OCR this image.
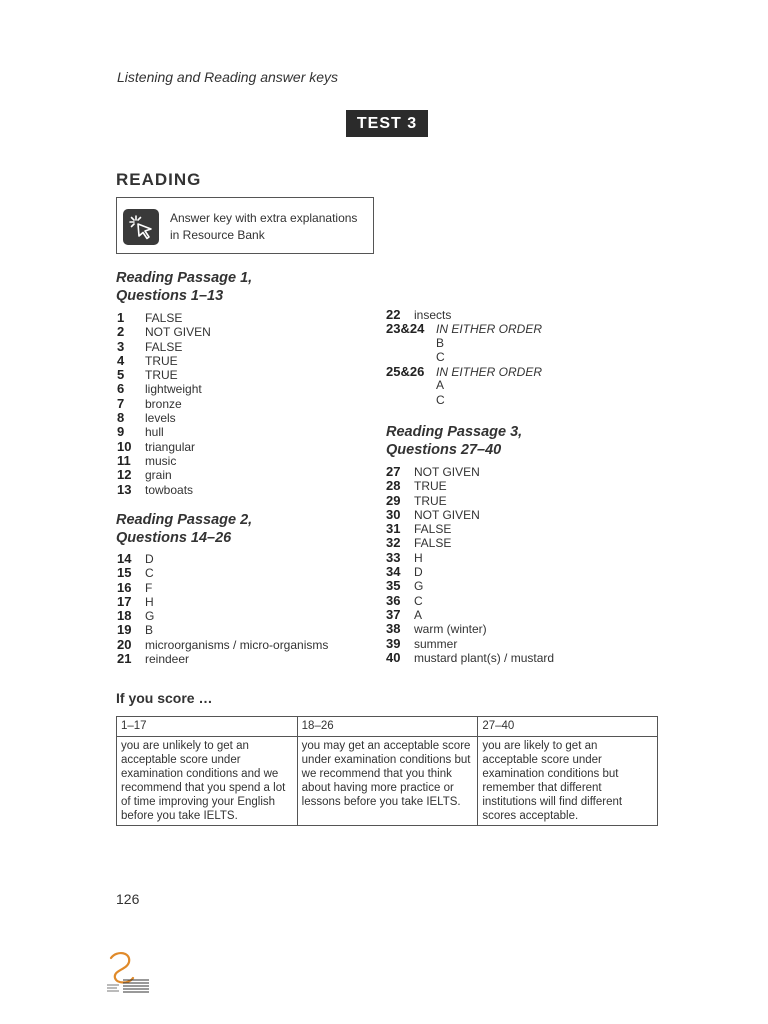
Listening and Reading answer keys
TEST 3
READING
Answer key with extra explanations
in Resource Bank
Reading Passage 1,
Questions 1–13
1	FALSE
2	NOT GIVEN
3	FALSE
4	TRUE
5	TRUE
6	lightweight
7	bronze
8	levels
9	hull
10	triangular
11	music
12	grain
13	towboats
Reading Passage 2,
Questions 14–26
14	D
15	C
16	F
17	H
18	G
19	B
20	microorganisms / micro-organisms
21	reindeer
22	insects
23&24 IN EITHER ORDER
B
C
25&26 IN EITHER ORDER
A
C
Reading Passage 3,
Questions 27–40
27	NOT GIVEN
28	TRUE
29	TRUE
30	NOT GIVEN
31	FALSE
32	FALSE
33	H
34	D
35	G
36	C
37	A
38	warm (winter)
39	summer
40	mustard plant(s) / mustard
If you score …
1–17	18–26	27–40
you are unlikely to get an acceptable score under examination conditions and we recommend that you spend a lot of time improving your English before you take IELTS.	you may get an acceptable score under examination conditions but we recommend that you think about having more practice or lessons before you take IELTS.	you are likely to get an acceptable score under examination conditions but remember that different institutions will find different scores acceptable.
126
